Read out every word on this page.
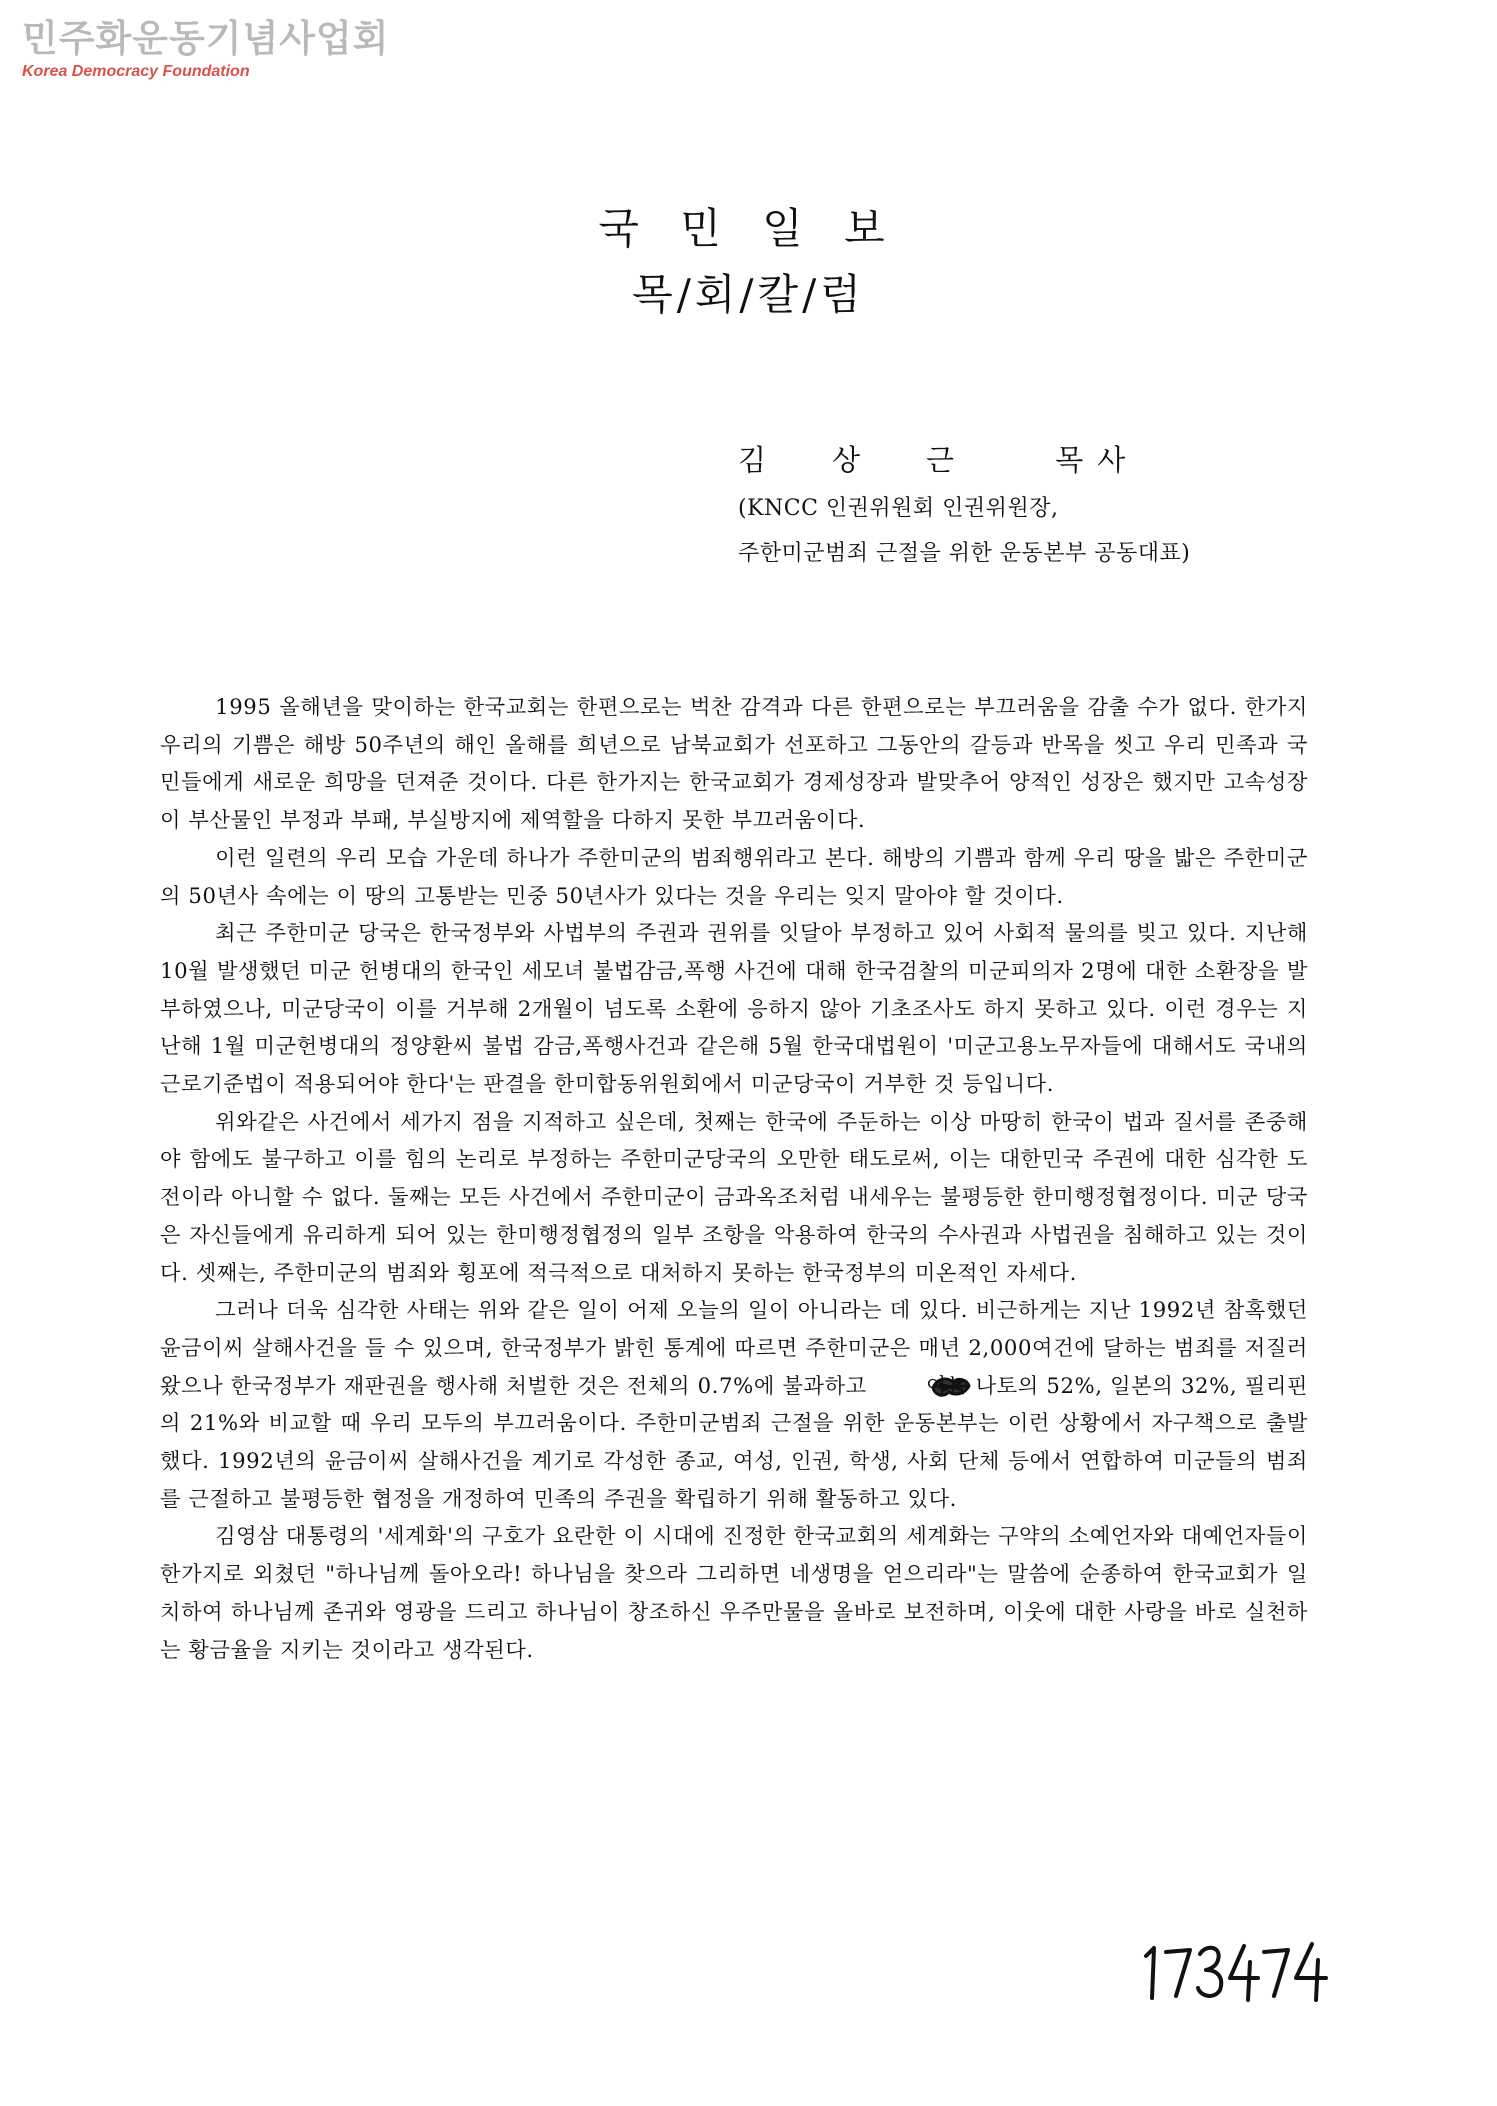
민주화운동기념사업회
Korea Democracy Foundation
국 민 일 보
목/회/칼/럼
김 상 근	목사
(KNCC 인권위원회 인권위원장,
주한미군범죄 근절을 위한 운동본부 공동대표)

1995 올해년을 맞이하는 한국교회는 한편으로는 벅찬 감격과 다른 한편으로는 부끄러움을 감출 수가 없다. 한가지 우리의 기쁨은 해방 50주년의 해인 올해를 희년으로 남북교회가 선포하고 그동안의 갈등과 반목을 씻고 우리 민족과 국민들에게 새로운 희망을 던져준 것이다. 다른 한가지는 한국교회가 경제성장과 발맞추어 양적인 성장은 했지만 고속성장이 부산물인 부정과 부패, 부실방지에 제역할을 다하지 못한 부끄러움이다.

이런 일련의 우리 모습 가운데 하나가 주한미군의 범죄행위라고 본다. 해방의 기쁨과 함께 우리 땅을 밟은 주한미군의 50년사 속에는 이 땅의 고통받는 민중 50년사가 있다는 것을 우리는 잊지 말아야 할 것이다.

최근 주한미군 당국은 한국정부와 사법부의 주권과 권위를 잇달아 부정하고 있어 사회적 물의를 빚고 있다. 지난해 10월 발생했던 미군 헌병대의 한국인 세모녀 불법감금,폭행 사건에 대해 한국검찰의 미군피의자 2명에 대한 소환장을 발부하였으나, 미군당국이 이를 거부해 2개월이 넘도록 소환에 응하지 않아 기초조사도 하지 못하고 있다. 이런 경우는 지난해 1월 미군헌병대의 정양환씨 불법 감금,폭행사건과 같은해 5월 한국대법원이 '미군고용노무자들에 대해서도 국내의 근로기준법이 적용되어야 한다'는 판결을 한미합동위원회에서 미군당국이 거부한 것 등입니다.

위와같은 사건에서 세가지 점을 지적하고 싶은데, 첫째는 한국에 주둔하는 이상 마땅히 한국이 법과 질서를 존중해야 함에도 불구하고 이를 힘의 논리로 부정하는 주한미군당국의 오만한 태도로써, 이는 대한민국 주권에 대한 심각한 도전이라 아니할 수 없다. 둘째는 모든 사건에서 주한미군이 금과옥조처럼 내세우는 불평등한 한미행정협정이다. 미군 당국은 자신들에게 유리하게 되어 있는 한미행정협정의 일부 조항을 악용하여 한국의 수사권과 사법권을 침해하고 있는 것이다. 셋째는, 주한미군의 범죄와 횡포에 적극적으로 대처하지 못하는 한국정부의 미온적인 자세다.

그러나 더욱 심각한 사태는 위와 같은 일이 어제 오늘의 일이 아니라는 데 있다. 비근하게는 지난 1992년 참혹했던 윤금이씨 살해사건을 들 수 있으며, 한국정부가 밝힌 통계에 따르면 주한미군은 매년 2,000여건에 달하는 범죄를 저질러 왔으나 한국정부가 재판권을 행사해 처벌한 것은 전체의 0.7%에 불과하고	이는 나토의 52%, 일본의 32%, 필리핀의 21%와 비교할 때 우리 모두의 부끄러움이다. 주한미군범죄 근절을 위한 운동본부는 이런 상황에서 자구책으로 출발했다. 1992년의 윤금이씨 살해사건을 계기로 각성한 종교, 여성, 인권, 학생, 사회 단체 등에서 연합하여 미군들의 범죄를 근절하고 불평등한 협정을 개정하여 민족의 주권을 확립하기 위해 활동하고 있다.

김영삼 대통령의 '세계화'의 구호가 요란한 이 시대에 진정한 한국교회의 세계화는 구약의 소예언자와 대예언자들이 한가지로 외쳤던 "하나님께 돌아오라! 하나님을 찾으라 그리하면 네생명을 얻으리라"는 말씀에 순종하여 한국교회가 일치하여 하나님께 존귀와 영광을 드리고 하나님이 창조하신 우주만물을 올바로 보전하며, 이웃에 대한 사랑을 바로 실천하는 황금율을 지키는 것이라고 생각된다.
